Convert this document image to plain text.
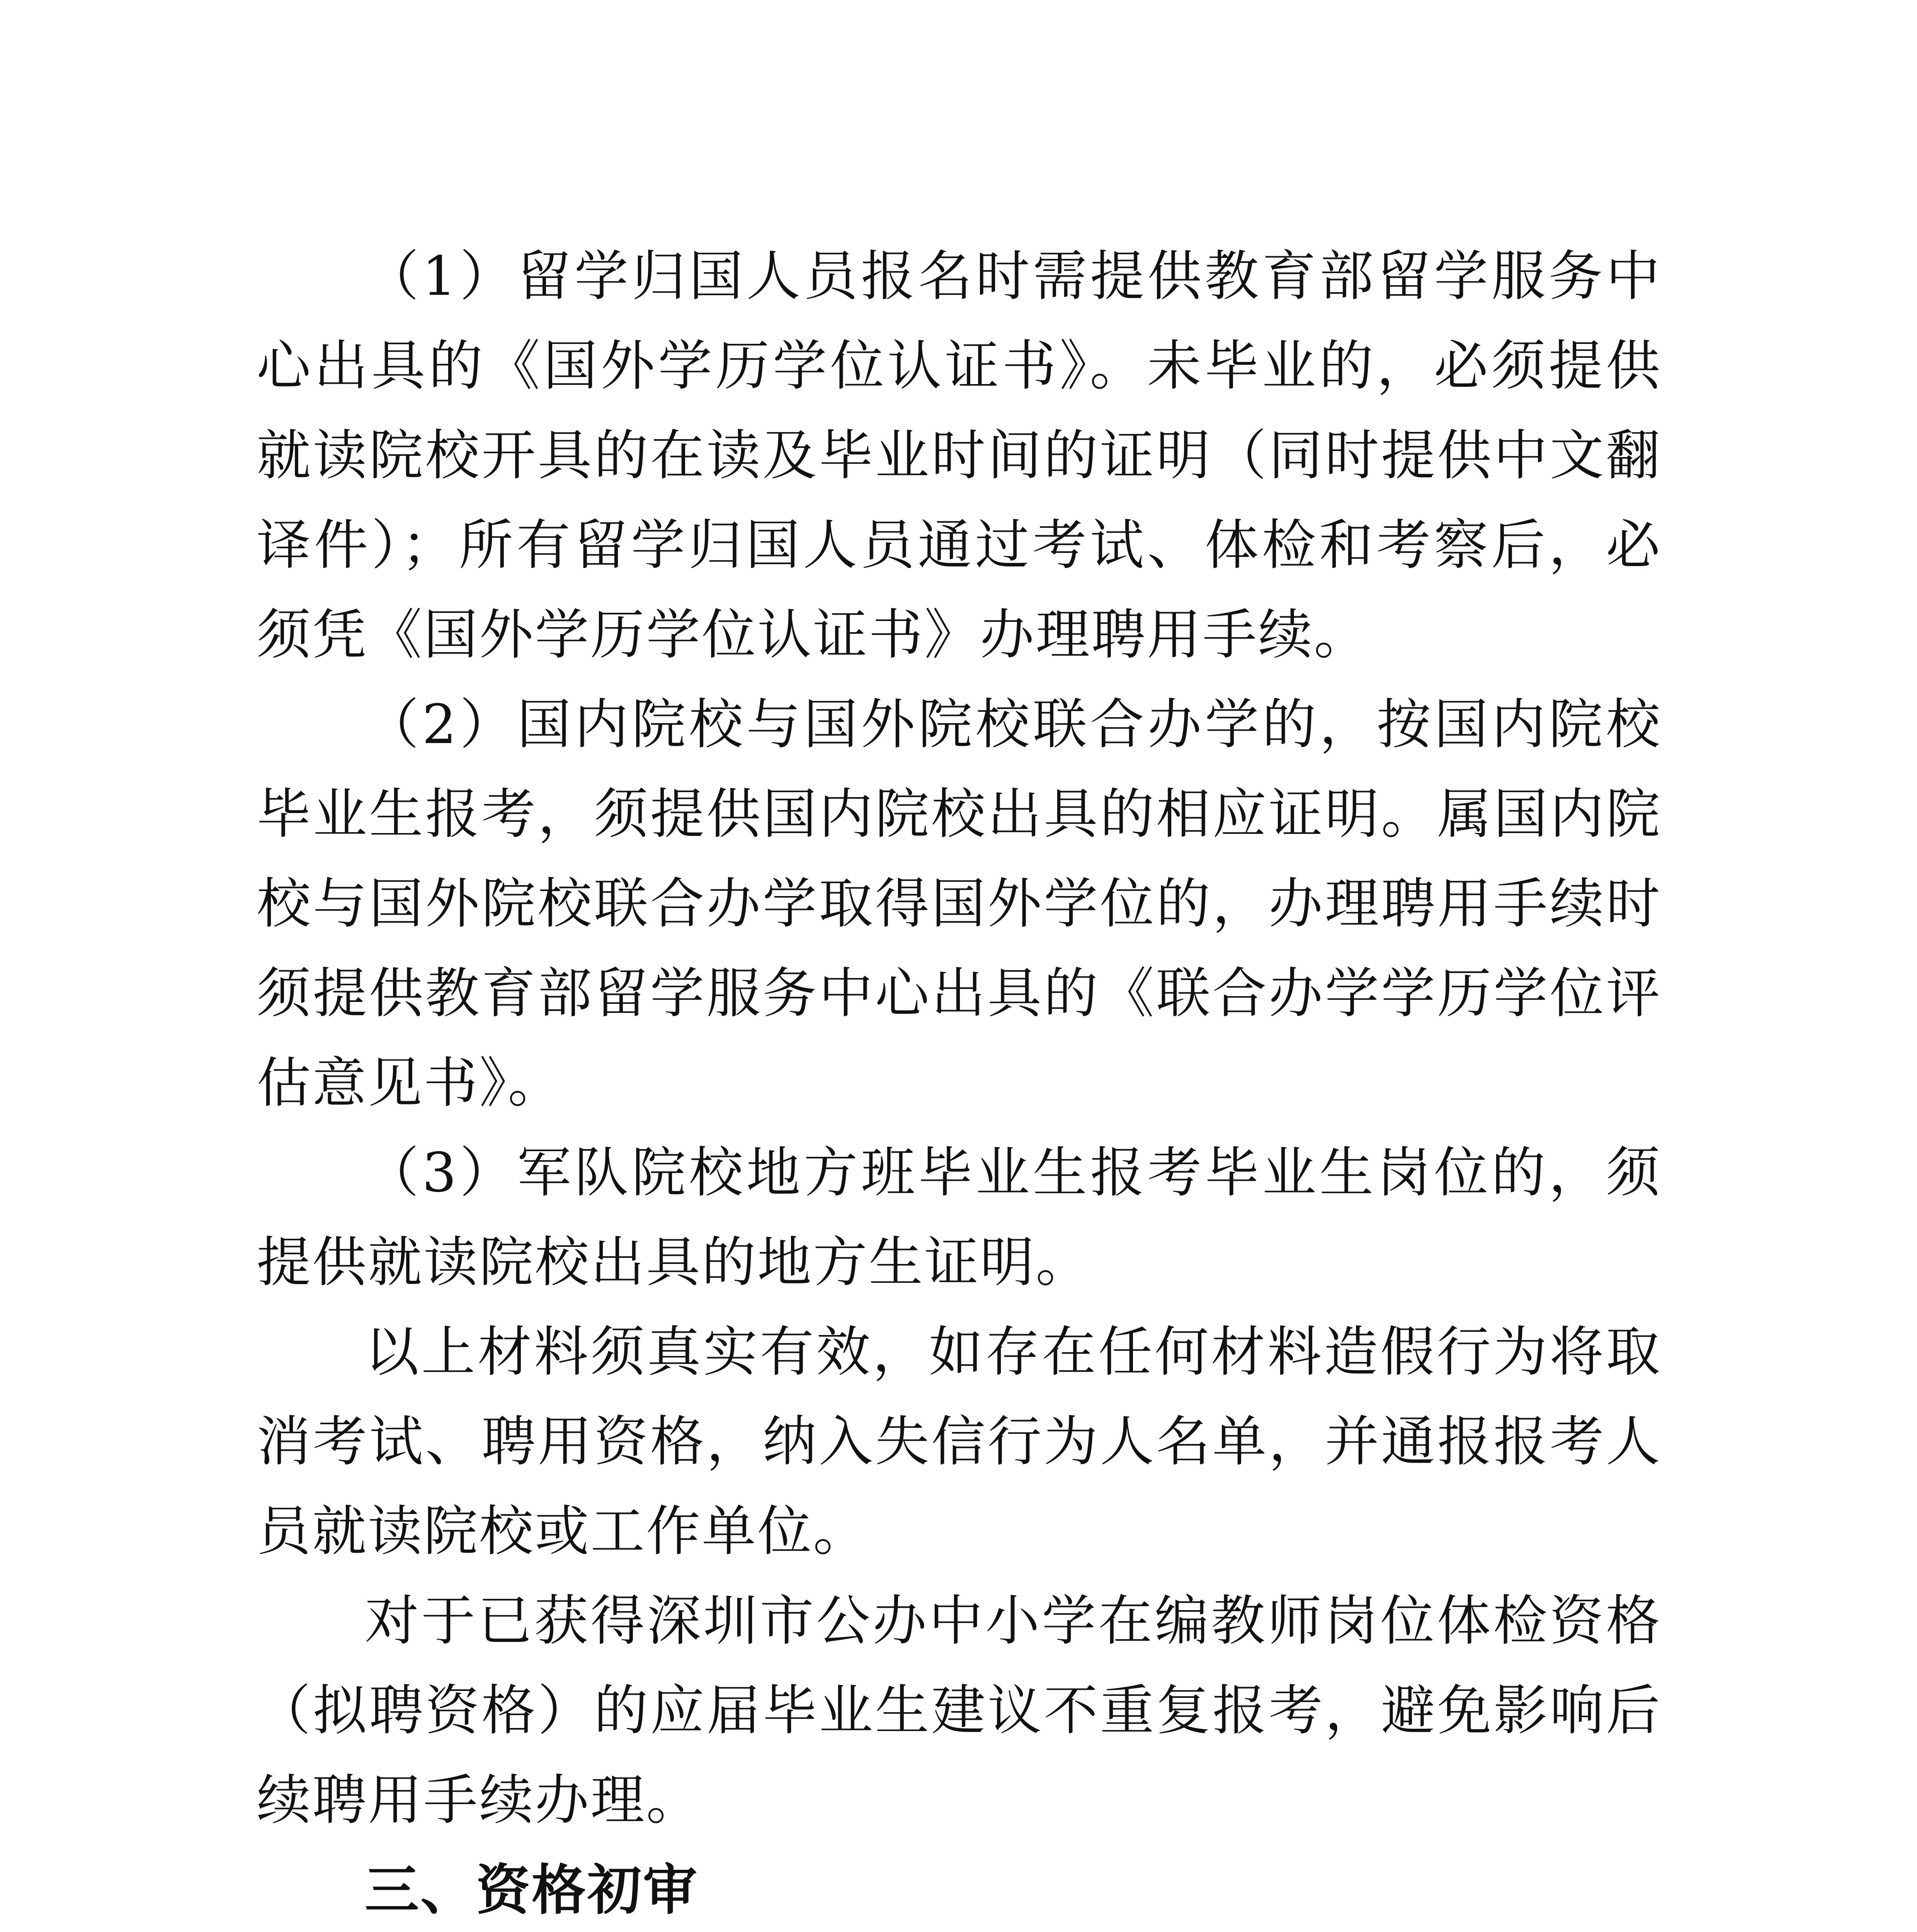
（1）留学归国人员报名时需提供教育部留学服务中心出具的《国外学历学位认证书》。未毕业的，必须提供就读院校开具的在读及毕业时间的证明（同时提供中文翻译件）；所有留学归国人员通过考试、体检和考察后，必须凭《国外学历学位认证书》办理聘用手续。

（2）国内院校与国外院校联合办学的，按国内院校毕业生报考，须提供国内院校出具的相应证明。属国内院校与国外院校联合办学取得国外学位的，办理聘用手续时须提供教育部留学服务中心出具的《联合办学学历学位评估意见书》。

（3）军队院校地方班毕业生报考毕业生岗位的，须提供就读院校出具的地方生证明。

以上材料须真实有效，如存在任何材料造假行为将取消考试、聘用资格，纳入失信行为人名单，并通报报考人员就读院校或工作单位。

对于已获得深圳市公办中小学在编教师岗位体检资格（拟聘资格）的应届毕业生建议不重复报考，避免影响后续聘用手续办理。

三、资格初审
